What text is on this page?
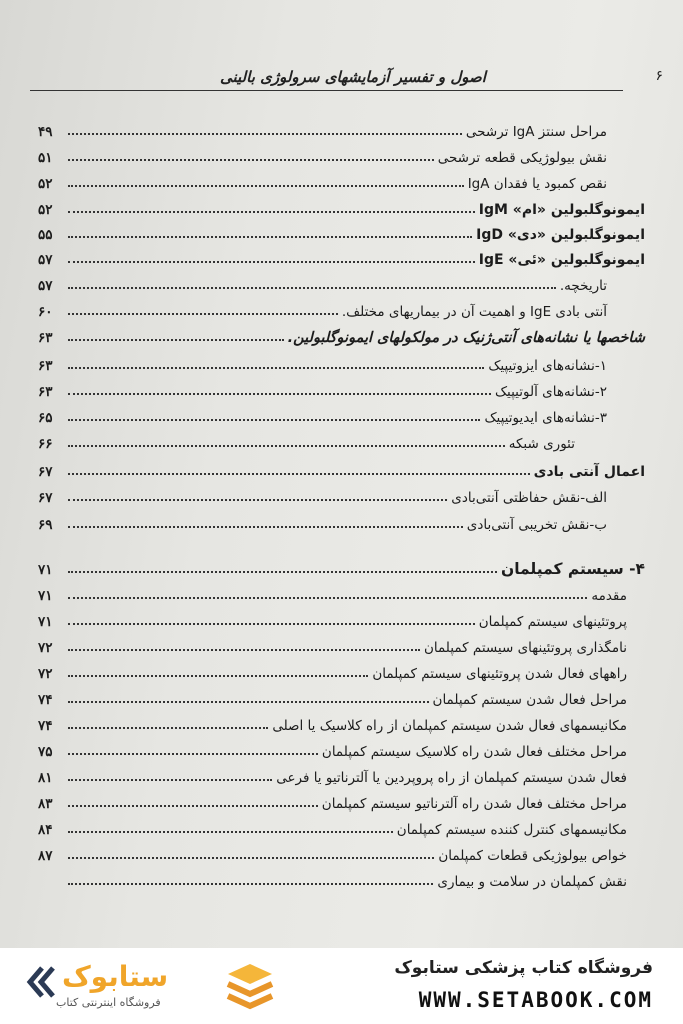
۶
اصول و تفسیر آزمایشهای سرولوژی بالینی
مراحل سنتز IgA ترشحی
۴۹
نقش بیولوژیکی قطعه ترشحی
۵۱
نقص کمبود یا فقدان IgA
۵۲
ایمونوگلبولین «ام» IgM
۵۲
ایمونوگلبولین «دی» IgD
۵۵
ایمونوگلبولین «ئی» IgE
۵۷
تاریخچه.
۵۷
آنتی بادی IgE و اهمیت آن در بیماریهای مختلف.
۶۰
شاخصها یا نشانه‌های آنتی‌ژنیک در مولکولهای ایمونوگلبولین.
۶۳
۱-نشانه‌های ایزوتیپیک
۶۳
۲-نشانه‌های آلوتیپیک
۶۳
۳-نشانه‌های ایدیوتیپیک
۶۵
تئوری شبکه
۶۶
اعمال آنتی بادی
۶۷
الف-نقش حفاظتی آنتی‌بادی
۶۷
ب-نقش تخریبی آنتی‌بادی
۶۹
۴- سیستم کمپلمان
۷۱
مقدمه
۷۱
پروتئینهای سیستم کمپلمان
۷۱
نامگذاری پروتئینهای سیستم کمپلمان
۷۲
راههای فعال شدن پروتئینهای سیستم کمپلمان
۷۲
مراحل فعال شدن سیستم کمپلمان
۷۴
مکانیسمهای فعال شدن سیستم کمپلمان از راه کلاسیک یا اصلی
۷۴
مراحل مختلف فعال شدن راه کلاسیک سیستم کمپلمان
۷۵
فعال شدن سیستم کمپلمان از راه پروپردین یا آلترناتیو یا فرعی
۸۱
مراحل مختلف فعال شدن راه آلترناتیو سیستم کمپلمان
۸۳
مکانیسمهای کنترل کننده سیستم کمپلمان
۸۴
خواص بیولوژیکی قطعات کمپلمان
۸۷
نقش کمپلمان در سلامت و بیماری
ستابوک
فروشگاه اینترنتی کتاب
فروشگاه کتاب پزشکی ستابوک
WWW.SETABOOK.COM
